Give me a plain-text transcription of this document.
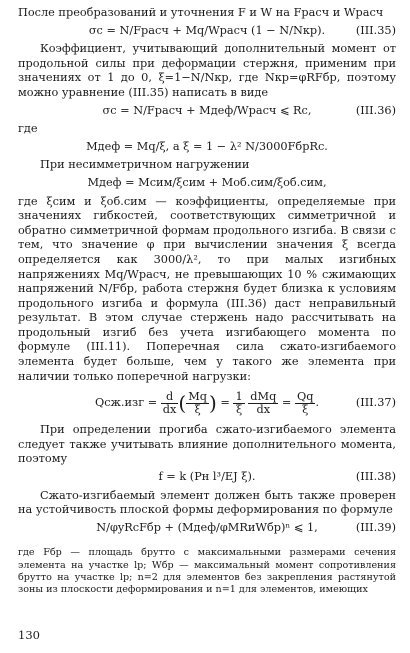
После преобразований и уточнения F и W на Fрасч и Wрасч

σс = N/Fрасч + Mq/Wрасч (1 − N/Nкр).	(III.35)

Коэффициент, учитывающий дополнительный момент от продольной силы при деформации стержня, применим при значениях от 1 до 0, ξ=1−N/Nкр, где Nкр=φRFбр, поэтому можно уравнение (III.35) написать в виде

σс = N/Fрасч + Mдеф/Wрасч ⩽ Rс,	(III.36)

где

Mдеф = Mq/ξ, а ξ = 1 − λ² N/3000FбрRс.

При несимметричном нагружении

Mдеф = Mсим/ξсим + Mоб.сим/ξоб.сим,

где ξсим и ξоб.сим — коэффициенты, определяемые при значениях гибкостей, соответствующих симметричной и обратно симметричной формам продольного изгиба. В связи с тем, что значение φ при вычислении значения ξ всегда определяется как 3000/λ², то при малых изгибных напряжениях Mq/Wрасч, не превышающих 10 % сжимающих напряжений N/Fбр, работа стержня будет близка к условиям продольного изгиба и формула (III.36) даст неправильный результат. В этом случае стержень надо рассчитывать на продольный изгиб без учета изгибающего момента по формуле (III.11). Поперечная сила сжато-изгибаемого элемента будет больше, чем у такого же элемента при наличии только поперечной нагрузки:

$Qсж.изг = \frac{d}{dx}$ ( $\frac{Mq}{\xi}$ ) = $\frac{1}{\xi}$
$\frac{\text{dMq}}{dx} = \frac{Qq}{\xi}$ .	(III.37)

При определении прогиба сжато-изгибаемого элемента следует также учитывать влияние дополнительного момента, поэтому

f = k (Pн l³/EJ ξ).	(III.38)

Сжато-изгибаемый элемент должен быть также проверен на устойчивость плоской формы деформирования по формуле

N/φyRсFбр + (Mдеф/φMRиWбр)ⁿ ⩽ 1,	(III.39)

где Fбр — площадь брутто с максимальными размерами сечения элемента на участке lр; Wбр — максимальный момент сопротивления брутто на участке lр; n=2 для элементов без закрепления растянутой зоны из плоскости деформирования и n=1 для элементов, имеющих

130
